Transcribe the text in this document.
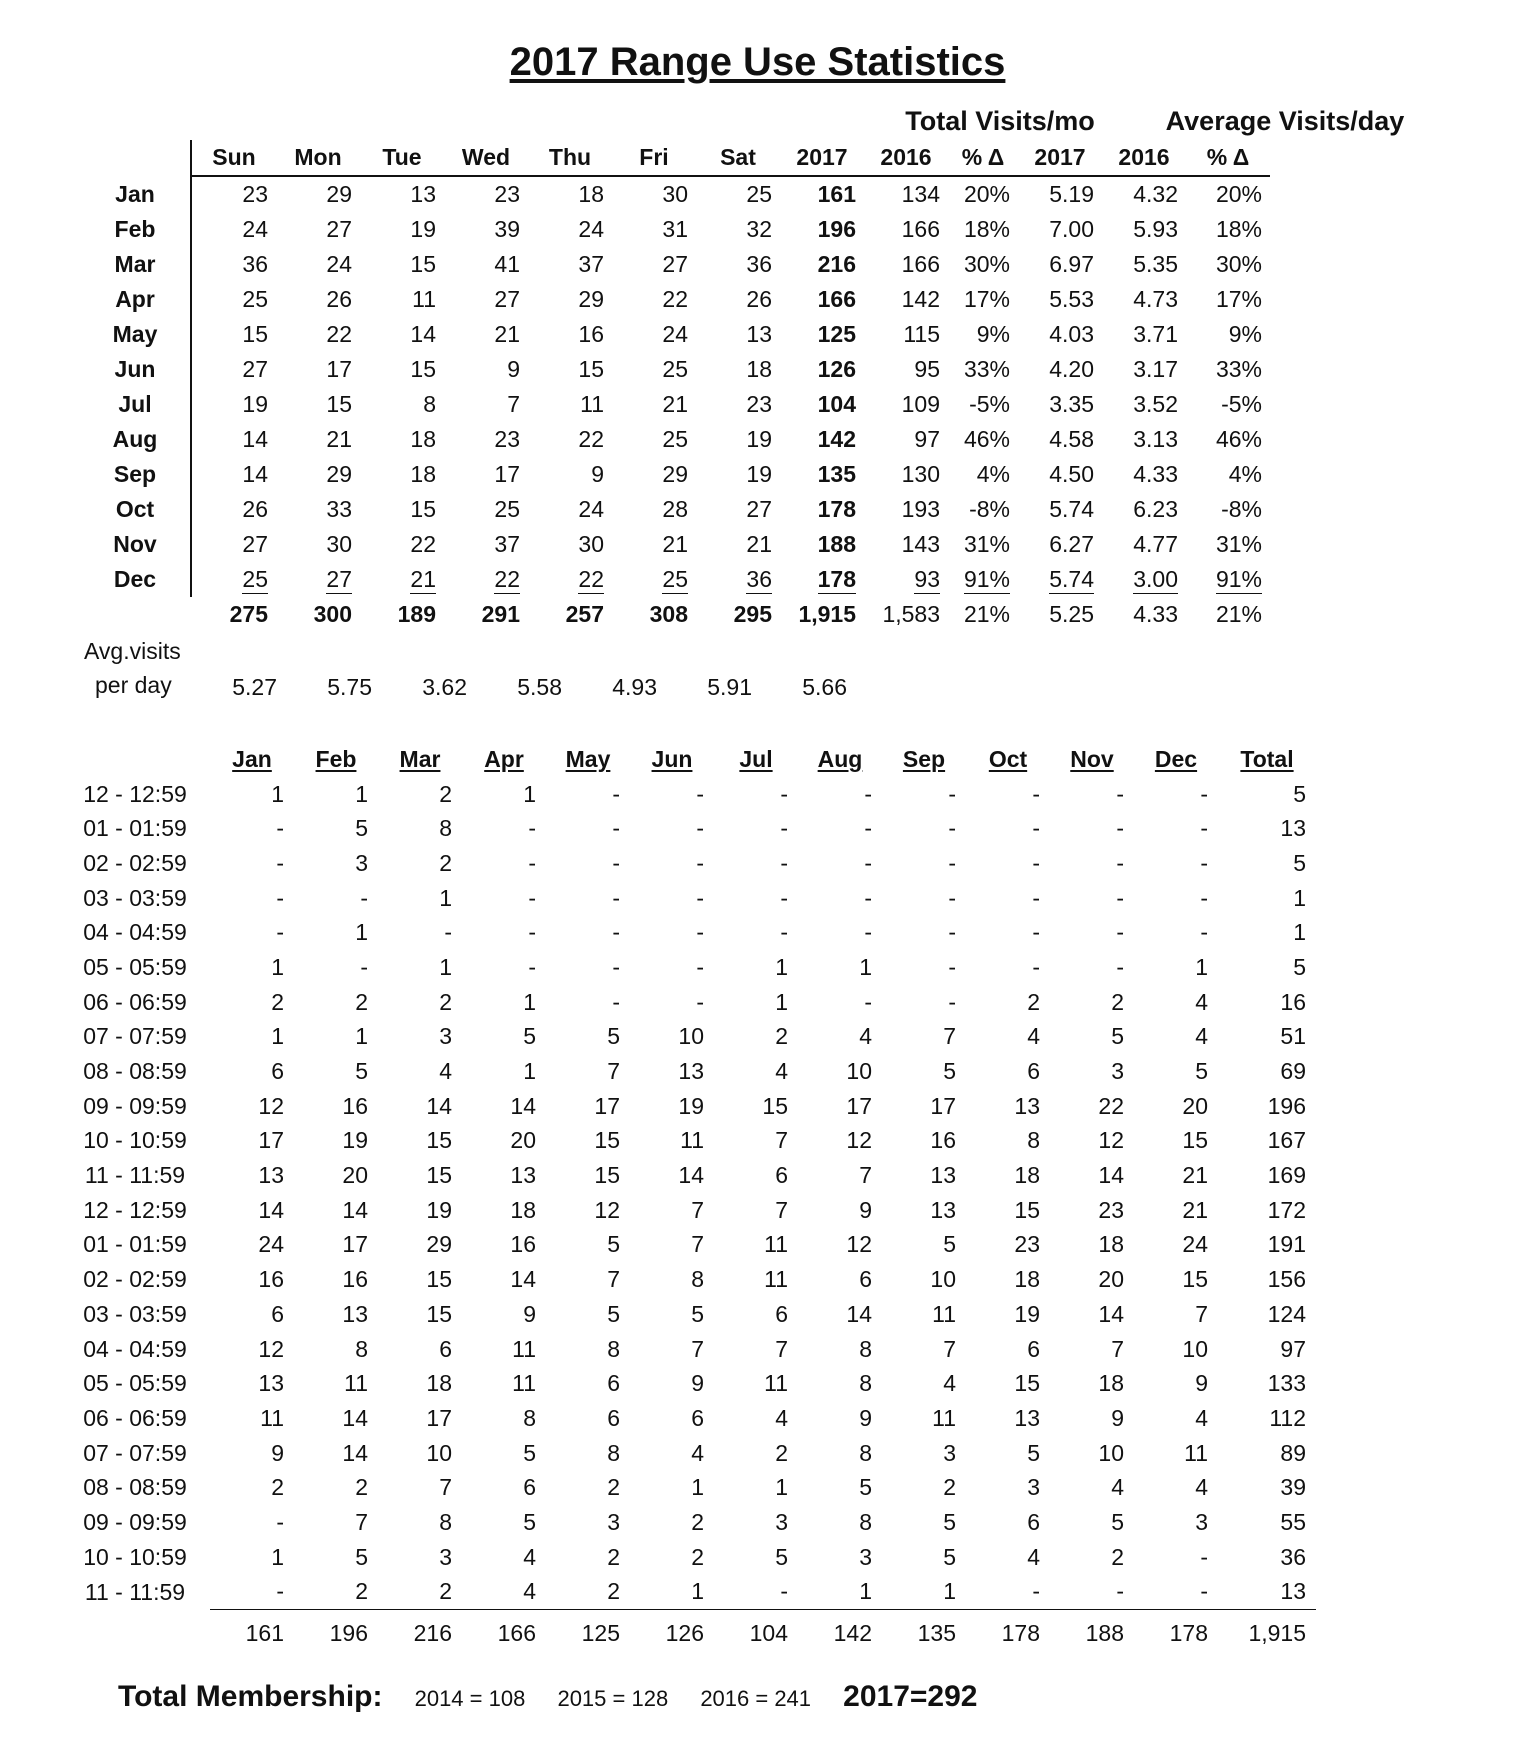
2017 Range Use Statistics
Total Visits/mo	Average Visits/day
	Sun	Mon	Tue	Wed	Thu	Fri	Sat	2017	2016	% Δ	2017	2016	% Δ
Jan	23	29	13	23	18	30	25	161	134	20%	5.19	4.32	20%
Feb	24	27	19	39	24	31	32	196	166	18%	7.00	5.93	18%
Mar	36	24	15	41	37	27	36	216	166	30%	6.97	5.35	30%
Apr	25	26	11	27	29	22	26	166	142	17%	5.53	4.73	17%
May	15	22	14	21	16	24	13	125	115	9%	4.03	3.71	9%
Jun	27	17	15	9	15	25	18	126	95	33%	4.20	3.17	33%
Jul	19	15	8	7	11	21	23	104	109	-5%	3.35	3.52	-5%
Aug	14	21	18	23	22	25	19	142	97	46%	4.58	3.13	46%
Sep	14	29	18	17	9	29	19	135	130	4%	4.50	4.33	4%
Oct	26	33	15	25	24	28	27	178	193	-8%	5.74	6.23	-8%
Nov	27	30	22	37	30	21	21	188	143	31%	6.27	4.77	31%
Dec	25	27	21	22	22	25	36	178	93	91%	5.74	3.00	91%
	275	300	189	291	257	308	295	1,915	1,583	21%	5.25	4.33	21%
Avg.visits
per day	5.27	5.75	3.62	5.58	4.93	5.91	5.66
	Jan	Feb	Mar	Apr	May	Jun	Jul	Aug	Sep	Oct	Nov	Dec	Total
12 - 12:59	1	1	2	1	-	-	-	-	-	-	-	-	5
01 - 01:59	-	5	8	-	-	-	-	-	-	-	-	-	13
02 - 02:59	-	3	2	-	-	-	-	-	-	-	-	-	5
03 - 03:59	-	-	1	-	-	-	-	-	-	-	-	-	1
04 - 04:59	-	1	-	-	-	-	-	-	-	-	-	-	1
05 - 05:59	1	-	1	-	-	-	1	1	-	-	-	1	5
06 - 06:59	2	2	2	1	-	-	1	-	-	2	2	4	16
07 - 07:59	1	1	3	5	5	10	2	4	7	4	5	4	51
08 - 08:59	6	5	4	1	7	13	4	10	5	6	3	5	69
09 - 09:59	12	16	14	14	17	19	15	17	17	13	22	20	196
10 - 10:59	17	19	15	20	15	11	7	12	16	8	12	15	167
11 - 11:59	13	20	15	13	15	14	6	7	13	18	14	21	169
12 - 12:59	14	14	19	18	12	7	7	9	13	15	23	21	172
01 - 01:59	24	17	29	16	5	7	11	12	5	23	18	24	191
02 - 02:59	16	16	15	14	7	8	11	6	10	18	20	15	156
03 - 03:59	6	13	15	9	5	5	6	14	11	19	14	7	124
04 - 04:59	12	8	6	11	8	7	7	8	7	6	7	10	97
05 - 05:59	13	11	18	11	6	9	11	8	4	15	18	9	133
06 - 06:59	11	14	17	8	6	6	4	9	11	13	9	4	112
07 - 07:59	9	14	10	5	8	4	2	8	3	5	10	11	89
08 - 08:59	2	2	7	6	2	1	1	5	2	3	4	4	39
09 - 09:59	-	7	8	5	3	2	3	8	5	6	5	3	55
10 - 10:59	1	5	3	4	2	2	5	3	5	4	2	-	36
11 - 11:59	-	2	2	4	2	1	-	1	1	-	-	-	13
	161	196	216	166	125	126	104	142	135	178	188	178	1,915
Total Membership: 2014 = 108 2015 = 128 2016 = 241 2017=292
